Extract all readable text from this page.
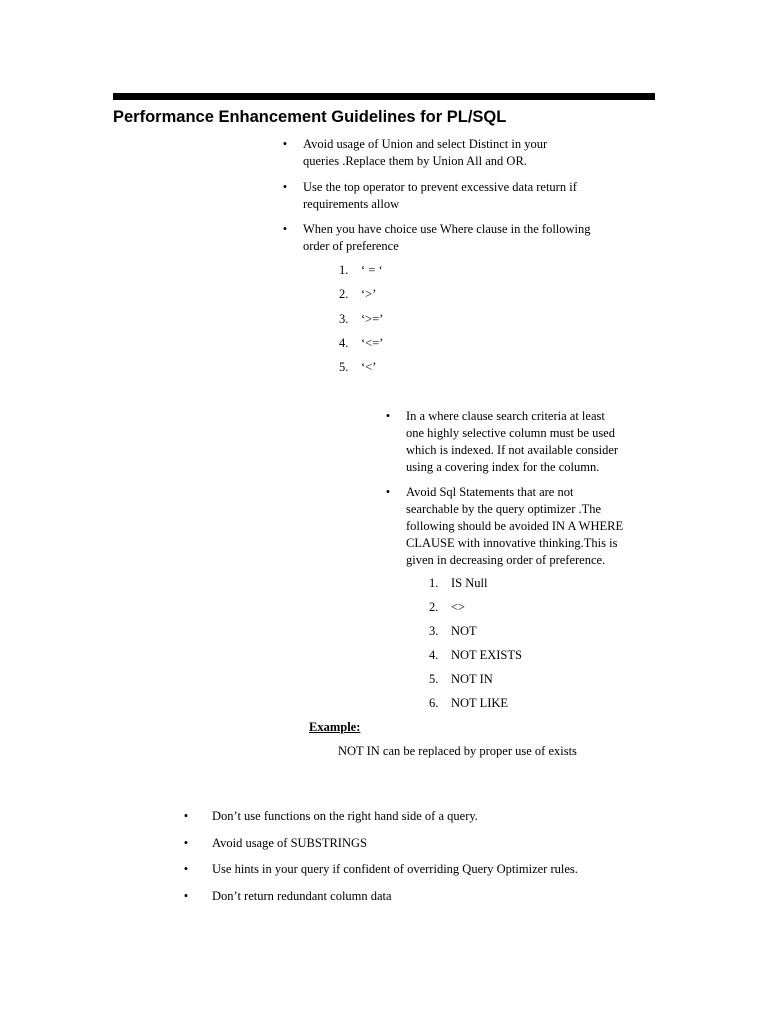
Performance Enhancement Guidelines for PL/SQL
• Avoid usage of Union and select Distinct in your
queries .Replace them by Union All and OR.
• Use the top operator to prevent excessive data return if
requirements allow
• When you have choice use Where clause in the following
order of preference
1. ‘ = ‘
2. ‘>’
3. ‘>=’
4. ‘<=’
5. ‘<’
• In a where clause search criteria at least
one highly selective column must be used
which is indexed. If not available consider
using a covering index for the column.
• Avoid Sql Statements that are not
searchable by the query optimizer .The
following should be avoided IN A WHERE
CLAUSE with innovative thinking.This is
given in decreasing order of preference.
1. IS Null
2. <>
3. NOT
4. NOT EXISTS
5. NOT IN
6. NOT LIKE
Example:
NOT IN can be replaced by proper use of exists
• Don’t use functions on the right hand side of a query.
• Avoid usage of SUBSTRINGS
• Use hints in your query if confident of overriding Query Optimizer rules.
• Don’t return redundant column data
